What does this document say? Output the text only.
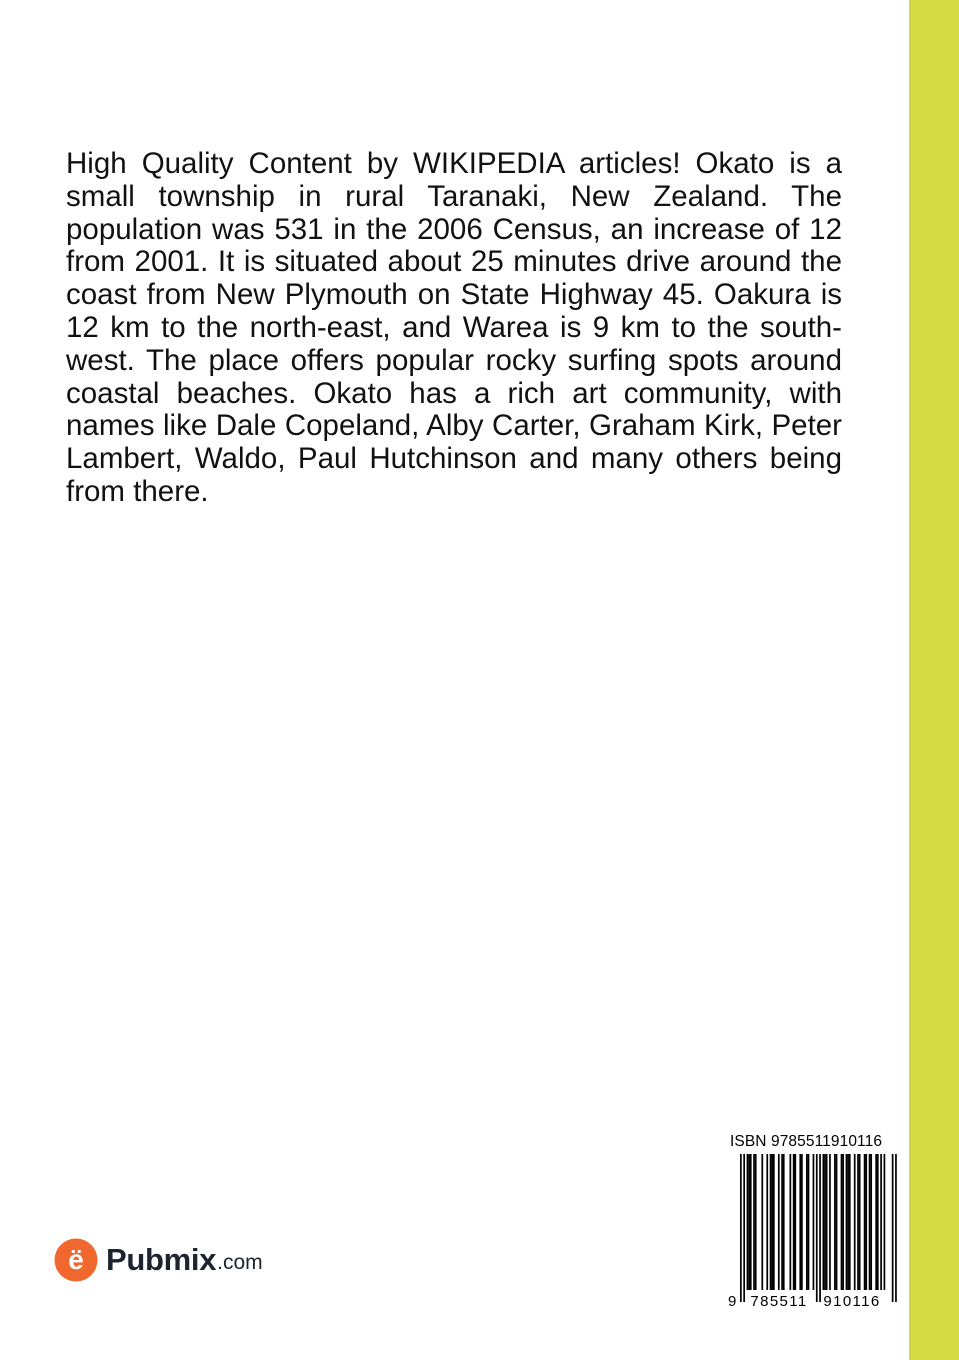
High Quality Content by WIKIPEDIA articles! Okato is a small township in rural Taranaki, New Zealand. The population was 531 in the 2006 Census, an increase of 12 from 2001. It is situated about 25 minutes drive around the coast from New Plymouth on State Highway 45. Oakura is 12 km to the north-east, and Warea is 9 km to the south-west. The place offers popular rocky surfing spots around coastal beaches. Okato has a rich art community, with names like Dale Copeland, Alby Carter, Graham Kirk, Peter Lambert, Waldo, Paul Hutchinson and many others being from there.

ISBN 9785511910116
9 785511 910116
ë Pubmix .com
